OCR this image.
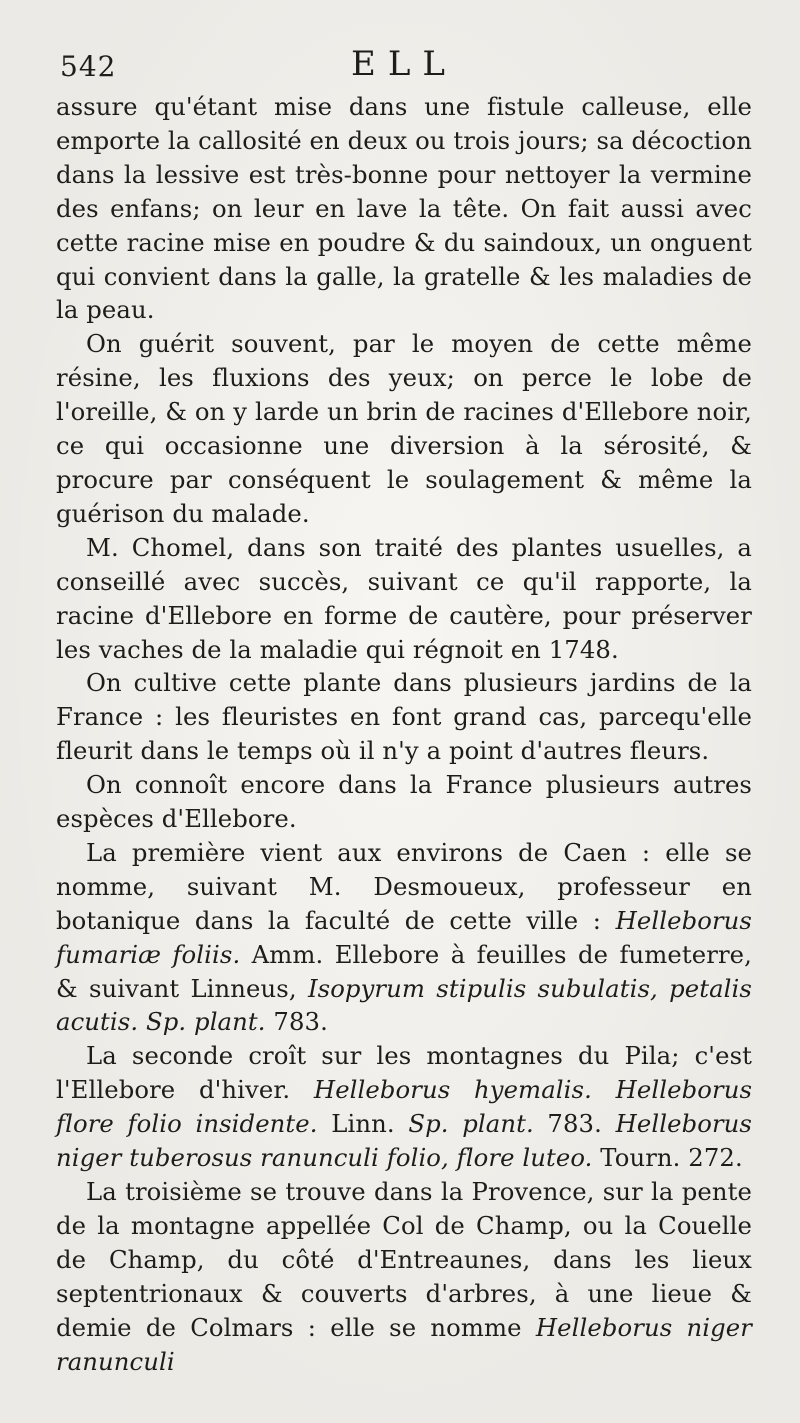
542	ELL

assure qu'étant mise dans une fistule calleuse, elle emporte la callosité en deux ou trois jours; sa décoction dans la lessive est très-bonne pour nettoyer la vermine des enfans; on leur en lave la tête. On fait aussi avec cette racine mise en poudre & du saindoux, un onguent qui convient dans la galle, la gratelle & les maladies de la peau.

On guérit souvent, par le moyen de cette même résine, les fluxions des yeux; on perce le lobe de l'oreille, & on y larde un brin de racines d'Ellebore noir, ce qui occasionne une diversion à la sérosité, & procure par conséquent le soulagement & même la guérison du malade.

M. Chomel, dans son traité des plantes usuelles, a conseillé avec succès, suivant ce qu'il rapporte, la racine d'Ellebore en forme de cautère, pour préserver les vaches de la maladie qui régnoit en 1748.

On cultive cette plante dans plusieurs jardins de la France : les fleuristes en font grand cas, parcequ'elle fleurit dans le temps où il n'y a point d'autres fleurs.

On connoît encore dans la France plusieurs autres espèces d'Ellebore.

La première vient aux environs de Caen : elle se nomme, suivant M. Desmoueux, professeur en botanique dans la faculté de cette ville : Helleborus fumariæ foliis. Amm. Ellebore à feuilles de fumeterre, & suivant Linneus, Isopyrum stipulis subulatis, petalis acutis. Sp. plant. 783.

La seconde croît sur les montagnes du Pila; c'est l'Ellebore d'hiver. Helleborus hyemalis. Helleborus flore folio insidente. Linn. Sp. plant. 783. Helleborus niger tuberosus ranunculi folio, flore luteo. Tourn. 272.

La troisième se trouve dans la Provence, sur la pente de la montagne appellée Col de Champ, ou la Couelle de Champ, du côté d'Entreaunes, dans les lieux septentrionaux & couverts d'arbres, à une lieue & demie de Colmars : elle se nomme Helleborus niger ranunculi
